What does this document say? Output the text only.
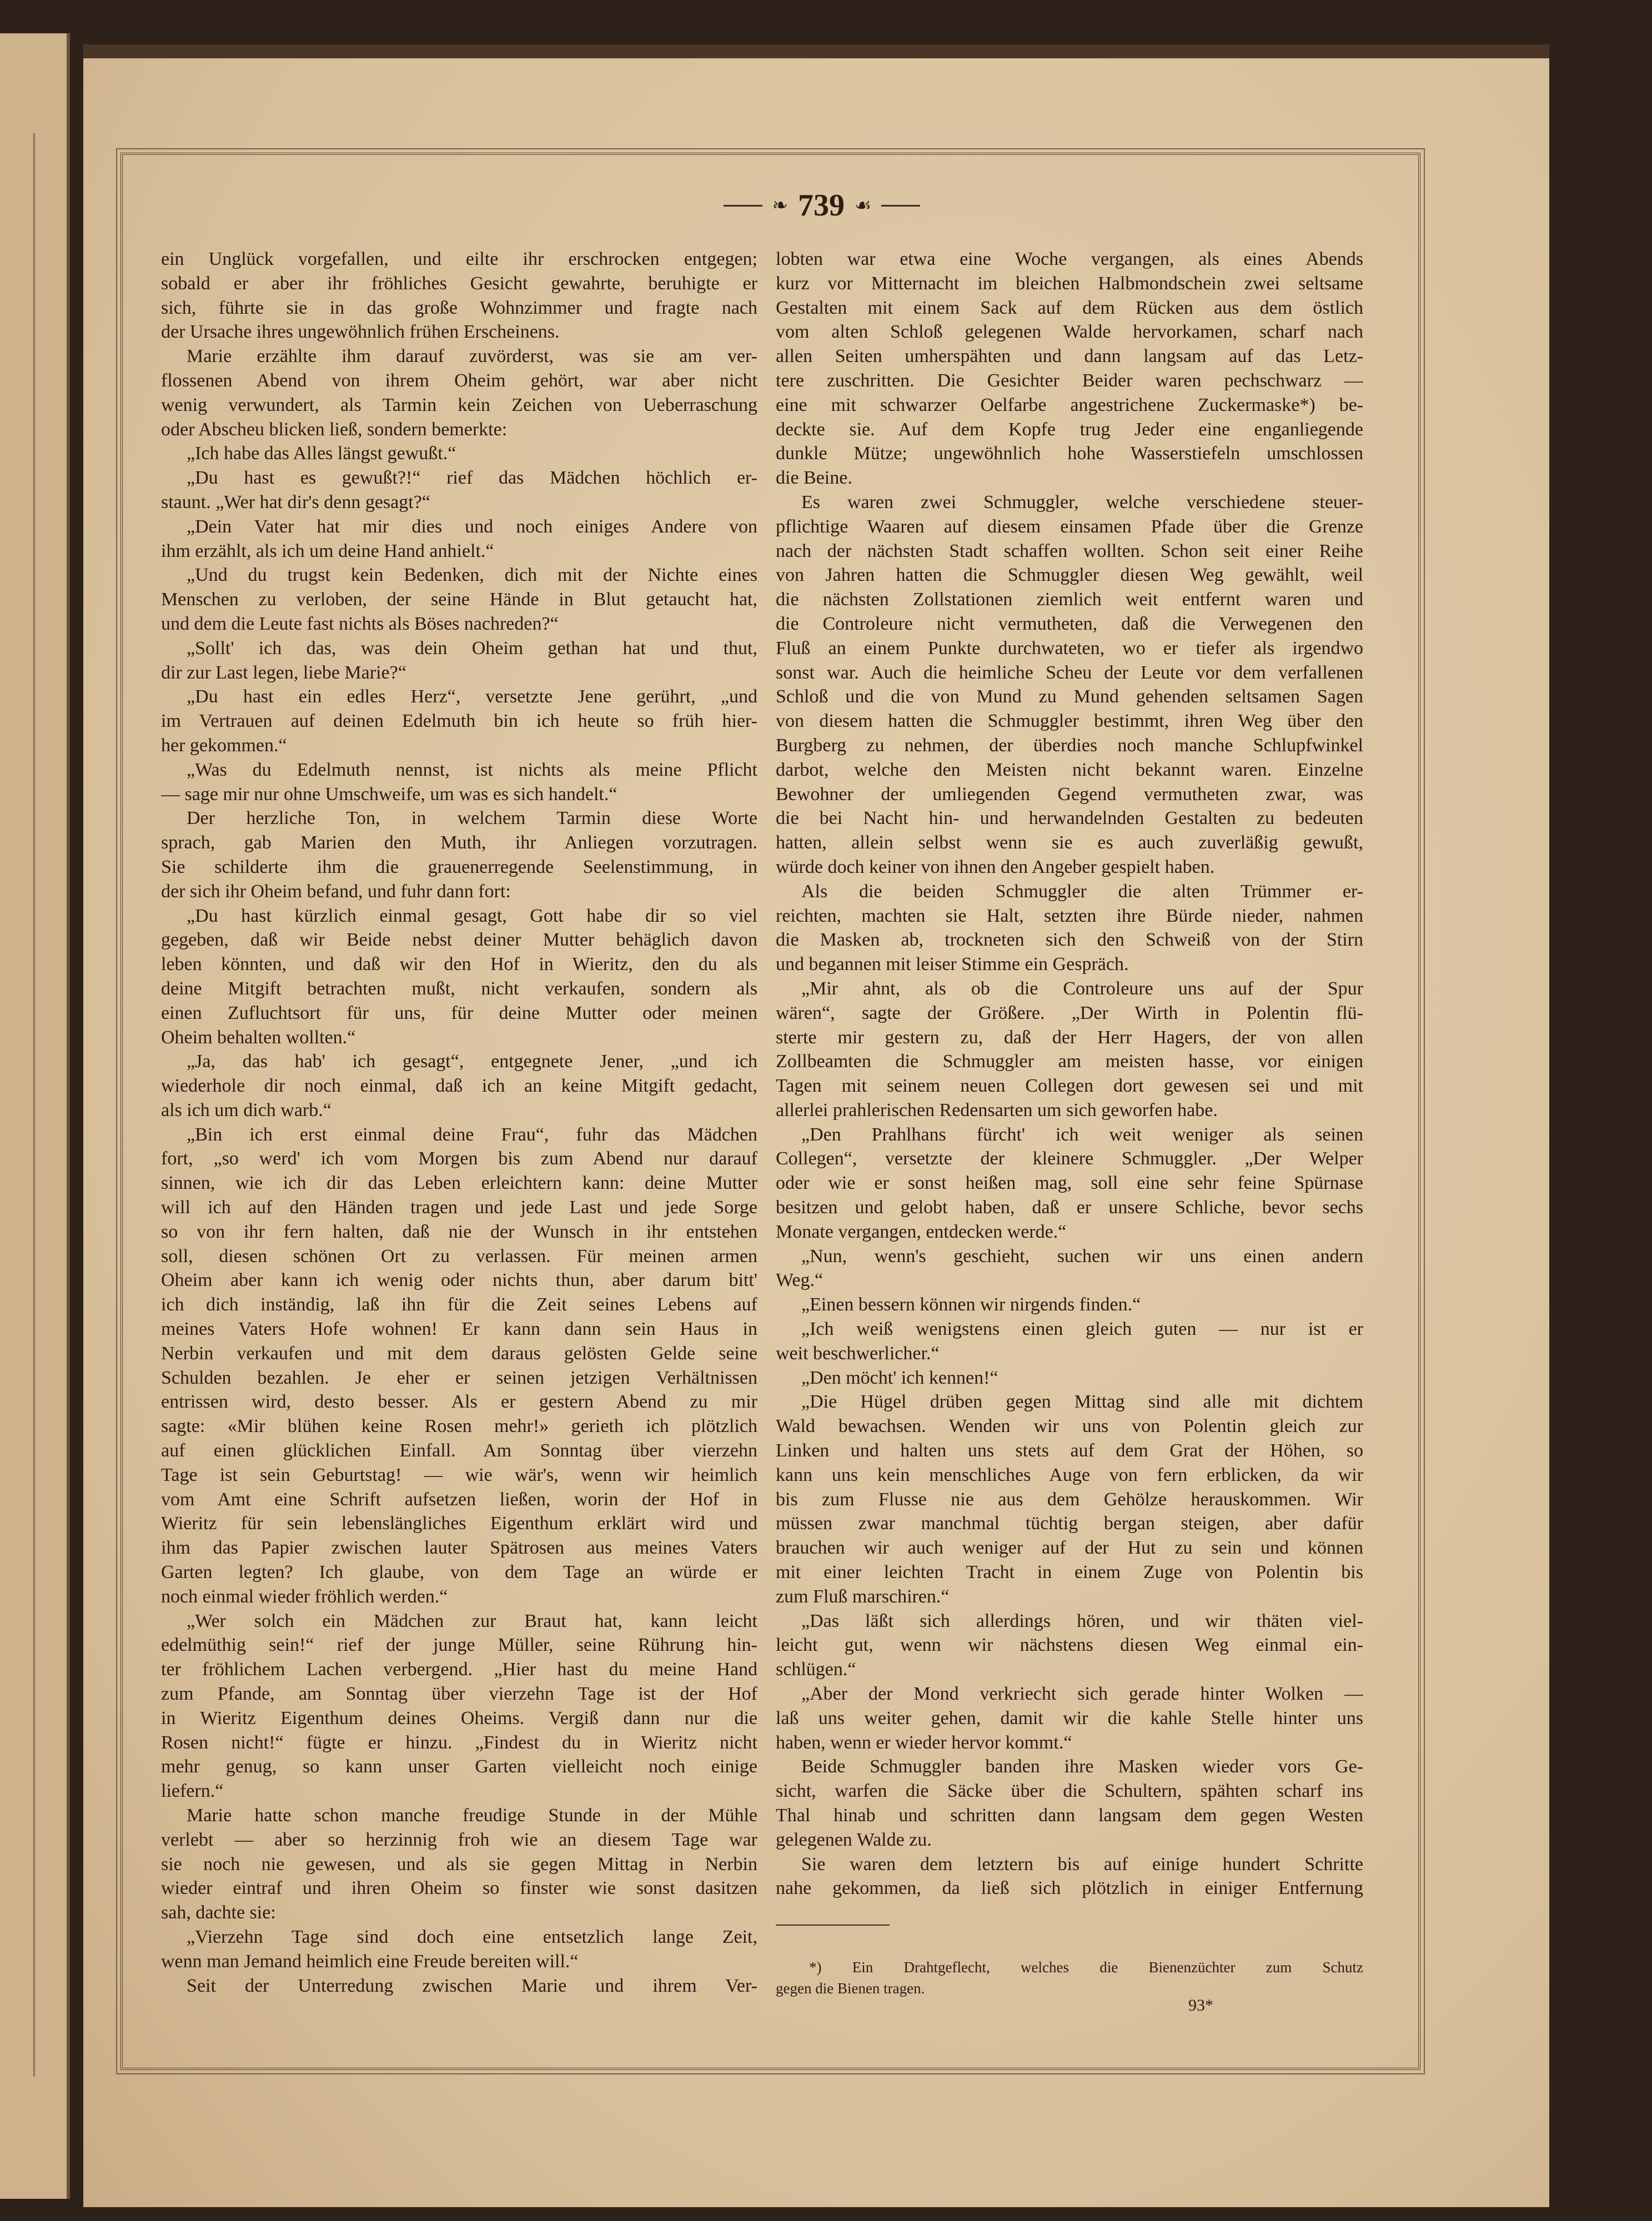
❧ 739 ☙
ein Unglück vorgefallen, und eilte ihr erschrocken entgegen;
sobald er aber ihr fröhliches Gesicht gewahrte, beruhigte er
sich, führte sie in das große Wohnzimmer und fragte nach
der Ursache ihres ungewöhnlich frühen Erscheinens.
Marie erzählte ihm darauf zuvörderst, was sie am ver-
flossenen Abend von ihrem Oheim gehört, war aber nicht
wenig verwundert, als Tarmin kein Zeichen von Ueberraschung
oder Abscheu blicken ließ, sondern bemerkte:
„Ich habe das Alles längst gewußt.“
„Du hast es gewußt?!“ rief das Mädchen höchlich er-
staunt. „Wer hat dir's denn gesagt?“
„Dein Vater hat mir dies und noch einiges Andere von
ihm erzählt, als ich um deine Hand anhielt.“
„Und du trugst kein Bedenken, dich mit der Nichte eines
Menschen zu verloben, der seine Hände in Blut getaucht hat,
und dem die Leute fast nichts als Böses nachreden?“
„Sollt' ich das, was dein Oheim gethan hat und thut,
dir zur Last legen, liebe Marie?“
„Du hast ein edles Herz“, versetzte Jene gerührt, „und
im Vertrauen auf deinen Edelmuth bin ich heute so früh hier-
her gekommen.“
„Was du Edelmuth nennst, ist nichts als meine Pflicht
— sage mir nur ohne Umschweife, um was es sich handelt.“
Der herzliche Ton, in welchem Tarmin diese Worte
sprach, gab Marien den Muth, ihr Anliegen vorzutragen.
Sie schilderte ihm die grauenerregende Seelenstimmung, in
der sich ihr Oheim befand, und fuhr dann fort:
„Du hast kürzlich einmal gesagt, Gott habe dir so viel
gegeben, daß wir Beide nebst deiner Mutter behäglich davon
leben könnten, und daß wir den Hof in Wieritz, den du als
deine Mitgift betrachten mußt, nicht verkaufen, sondern als
einen Zufluchtsort für uns, für deine Mutter oder meinen
Oheim behalten wollten.“
„Ja, das hab' ich gesagt“, entgegnete Jener, „und ich
wiederhole dir noch einmal, daß ich an keine Mitgift gedacht,
als ich um dich warb.“
„Bin ich erst einmal deine Frau“, fuhr das Mädchen
fort, „so werd' ich vom Morgen bis zum Abend nur darauf
sinnen, wie ich dir das Leben erleichtern kann: deine Mutter
will ich auf den Händen tragen und jede Last und jede Sorge
so von ihr fern halten, daß nie der Wunsch in ihr entstehen
soll, diesen schönen Ort zu verlassen. Für meinen armen
Oheim aber kann ich wenig oder nichts thun, aber darum bitt'
ich dich inständig, laß ihn für die Zeit seines Lebens auf
meines Vaters Hofe wohnen! Er kann dann sein Haus in
Nerbin verkaufen und mit dem daraus gelösten Gelde seine
Schulden bezahlen. Je eher er seinen jetzigen Verhältnissen
entrissen wird, desto besser. Als er gestern Abend zu mir
sagte: «Mir blühen keine Rosen mehr!» gerieth ich plötzlich
auf einen glücklichen Einfall. Am Sonntag über vierzehn
Tage ist sein Geburtstag! — wie wär's, wenn wir heimlich
vom Amt eine Schrift aufsetzen ließen, worin der Hof in
Wieritz für sein lebenslängliches Eigenthum erklärt wird und
ihm das Papier zwischen lauter Spätrosen aus meines Vaters
Garten legten? Ich glaube, von dem Tage an würde er
noch einmal wieder fröhlich werden.“
„Wer solch ein Mädchen zur Braut hat, kann leicht
edelmüthig sein!“ rief der junge Müller, seine Rührung hin-
ter fröhlichem Lachen verbergend. „Hier hast du meine Hand
zum Pfande, am Sonntag über vierzehn Tage ist der Hof
in Wieritz Eigenthum deines Oheims. Vergiß dann nur die
Rosen nicht!“ fügte er hinzu. „Findest du in Wieritz nicht
mehr genug, so kann unser Garten vielleicht noch einige
liefern.“
Marie hatte schon manche freudige Stunde in der Mühle
verlebt — aber so herzinnig froh wie an diesem Tage war
sie noch nie gewesen, und als sie gegen Mittag in Nerbin
wieder eintraf und ihren Oheim so finster wie sonst dasitzen
sah, dachte sie:
„Vierzehn Tage sind doch eine entsetzlich lange Zeit,
wenn man Jemand heimlich eine Freude bereiten will.“
Seit der Unterredung zwischen Marie und ihrem Ver-
lobten war etwa eine Woche vergangen, als eines Abends
kurz vor Mitternacht im bleichen Halbmondschein zwei seltsame
Gestalten mit einem Sack auf dem Rücken aus dem östlich
vom alten Schloß gelegenen Walde hervorkamen, scharf nach
allen Seiten umherspähten und dann langsam auf das Letz-
tere zuschritten. Die Gesichter Beider waren pechschwarz —
eine mit schwarzer Oelfarbe angestrichene Zuckermaske*) be-
deckte sie. Auf dem Kopfe trug Jeder eine enganliegende
dunkle Mütze; ungewöhnlich hohe Wasserstiefeln umschlossen
die Beine.
Es waren zwei Schmuggler, welche verschiedene steuer-
pflichtige Waaren auf diesem einsamen Pfade über die Grenze
nach der nächsten Stadt schaffen wollten. Schon seit einer Reihe
von Jahren hatten die Schmuggler diesen Weg gewählt, weil
die nächsten Zollstationen ziemlich weit entfernt waren und
die Controleure nicht vermutheten, daß die Verwegenen den
Fluß an einem Punkte durchwateten, wo er tiefer als irgendwo
sonst war. Auch die heimliche Scheu der Leute vor dem verfallenen
Schloß und die von Mund zu Mund gehenden seltsamen Sagen
von diesem hatten die Schmuggler bestimmt, ihren Weg über den
Burgberg zu nehmen, der überdies noch manche Schlupfwinkel
darbot, welche den Meisten nicht bekannt waren. Einzelne
Bewohner der umliegenden Gegend vermutheten zwar, was
die bei Nacht hin- und herwandelnden Gestalten zu bedeuten
hatten, allein selbst wenn sie es auch zuverläßig gewußt,
würde doch keiner von ihnen den Angeber gespielt haben.
Als die beiden Schmuggler die alten Trümmer er-
reichten, machten sie Halt, setzten ihre Bürde nieder, nahmen
die Masken ab, trockneten sich den Schweiß von der Stirn
und begannen mit leiser Stimme ein Gespräch.
„Mir ahnt, als ob die Controleure uns auf der Spur
wären“, sagte der Größere. „Der Wirth in Polentin flü-
sterte mir gestern zu, daß der Herr Hagers, der von allen
Zollbeamten die Schmuggler am meisten hasse, vor einigen
Tagen mit seinem neuen Collegen dort gewesen sei und mit
allerlei prahlerischen Redensarten um sich geworfen habe.
„Den Prahlhans fürcht' ich weit weniger als seinen
Collegen“, versetzte der kleinere Schmuggler. „Der Welper
oder wie er sonst heißen mag, soll eine sehr feine Spürnase
besitzen und gelobt haben, daß er unsere Schliche, bevor sechs
Monate vergangen, entdecken werde.“
„Nun, wenn's geschieht, suchen wir uns einen andern
Weg.“
„Einen bessern können wir nirgends finden.“
„Ich weiß wenigstens einen gleich guten — nur ist er
weit beschwerlicher.“
„Den möcht' ich kennen!“
„Die Hügel drüben gegen Mittag sind alle mit dichtem
Wald bewachsen. Wenden wir uns von Polentin gleich zur
Linken und halten uns stets auf dem Grat der Höhen, so
kann uns kein menschliches Auge von fern erblicken, da wir
bis zum Flusse nie aus dem Gehölze herauskommen. Wir
müssen zwar manchmal tüchtig bergan steigen, aber dafür
brauchen wir auch weniger auf der Hut zu sein und können
mit einer leichten Tracht in einem Zuge von Polentin bis
zum Fluß marschiren.“
„Das läßt sich allerdings hören, und wir thäten viel-
leicht gut, wenn wir nächstens diesen Weg einmal ein-
schlügen.“
„Aber der Mond verkriecht sich gerade hinter Wolken —
laß uns weiter gehen, damit wir die kahle Stelle hinter uns
haben, wenn er wieder hervor kommt.“
Beide Schmuggler banden ihre Masken wieder vors Ge-
sicht, warfen die Säcke über die Schultern, spähten scharf ins
Thal hinab und schritten dann langsam dem gegen Westen
gelegenen Walde zu.
Sie waren dem letztern bis auf einige hundert Schritte
nahe gekommen, da ließ sich plötzlich in einiger Entfernung
*) Ein Drahtgeflecht, welches die Bienenzüchter zum Schutz
gegen die Bienen tragen.
93*
